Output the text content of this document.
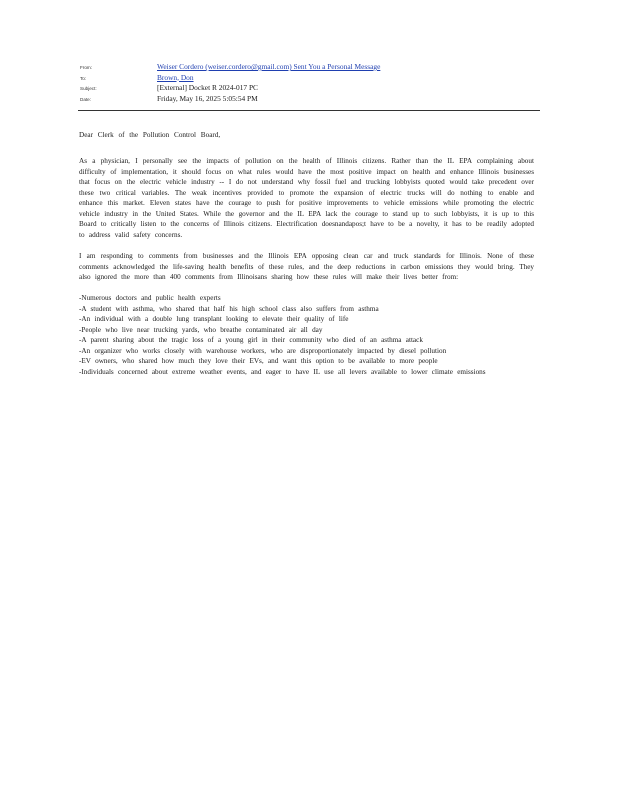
From:	Weiser Cordero (weiser.cordero@gmail.com) Sent You a Personal Message
To:	Brown, Don
Subject:	[External] Docket R 2024-017 PC
Date:	Friday, May 16, 2025 5:05:54 PM

Dear Clerk of the Pollution Control Board,

As a physician, I personally see the impacts of pollution on the health of Illinois citizens. Rather than the IL EPA complaining about difficulty of implementation, it should focus on what rules would have the most positive impact on health and enhance Illinois businesses that focus on the electric vehicle industry -- I do not understand why fossil fuel and trucking lobbyists quoted would take precedent over these two critical variables. The weak incentives provided to promote the expansion of electric trucks will do nothing to enable and enhance this market. Eleven states have the courage to push for positive improvements to vehicle emissions while promoting the electric vehicle industry in the United States. While the governor and the IL EPA lack the courage to stand up to such lobbyists, it is up to this Board to critically listen to the concerns of Illinois citizens. Electrification doesnandapos;t have to be a novelty, it has to be readily adopted to address valid safety concerns.

I am responding to comments from businesses and the Illinois EPA opposing clean car and truck standards for Illinois. None of these comments acknowledged the life-saving health benefits of these rules, and the deep reductions in carbon emissions they would bring. They also ignored the more than 400 comments from Illinoisans sharing how these rules will make their lives better from:

-Numerous doctors and public health experts
-A student with asthma, who shared that half his high school class also suffers from asthma
-An individual with a double lung transplant looking to elevate their quality of life
-People who live near trucking yards, who breathe contaminated air all day
-A parent sharing about the tragic loss of a young girl in their community who died of an asthma attack
-An organizer who works closely with warehouse workers, who are disproportionately impacted by diesel pollution
-EV owners, who shared how much they love their EVs, and want this option to be available to more people
-Individuals concerned about extreme weather events, and eager to have IL use all levers available to lower climate emissions
